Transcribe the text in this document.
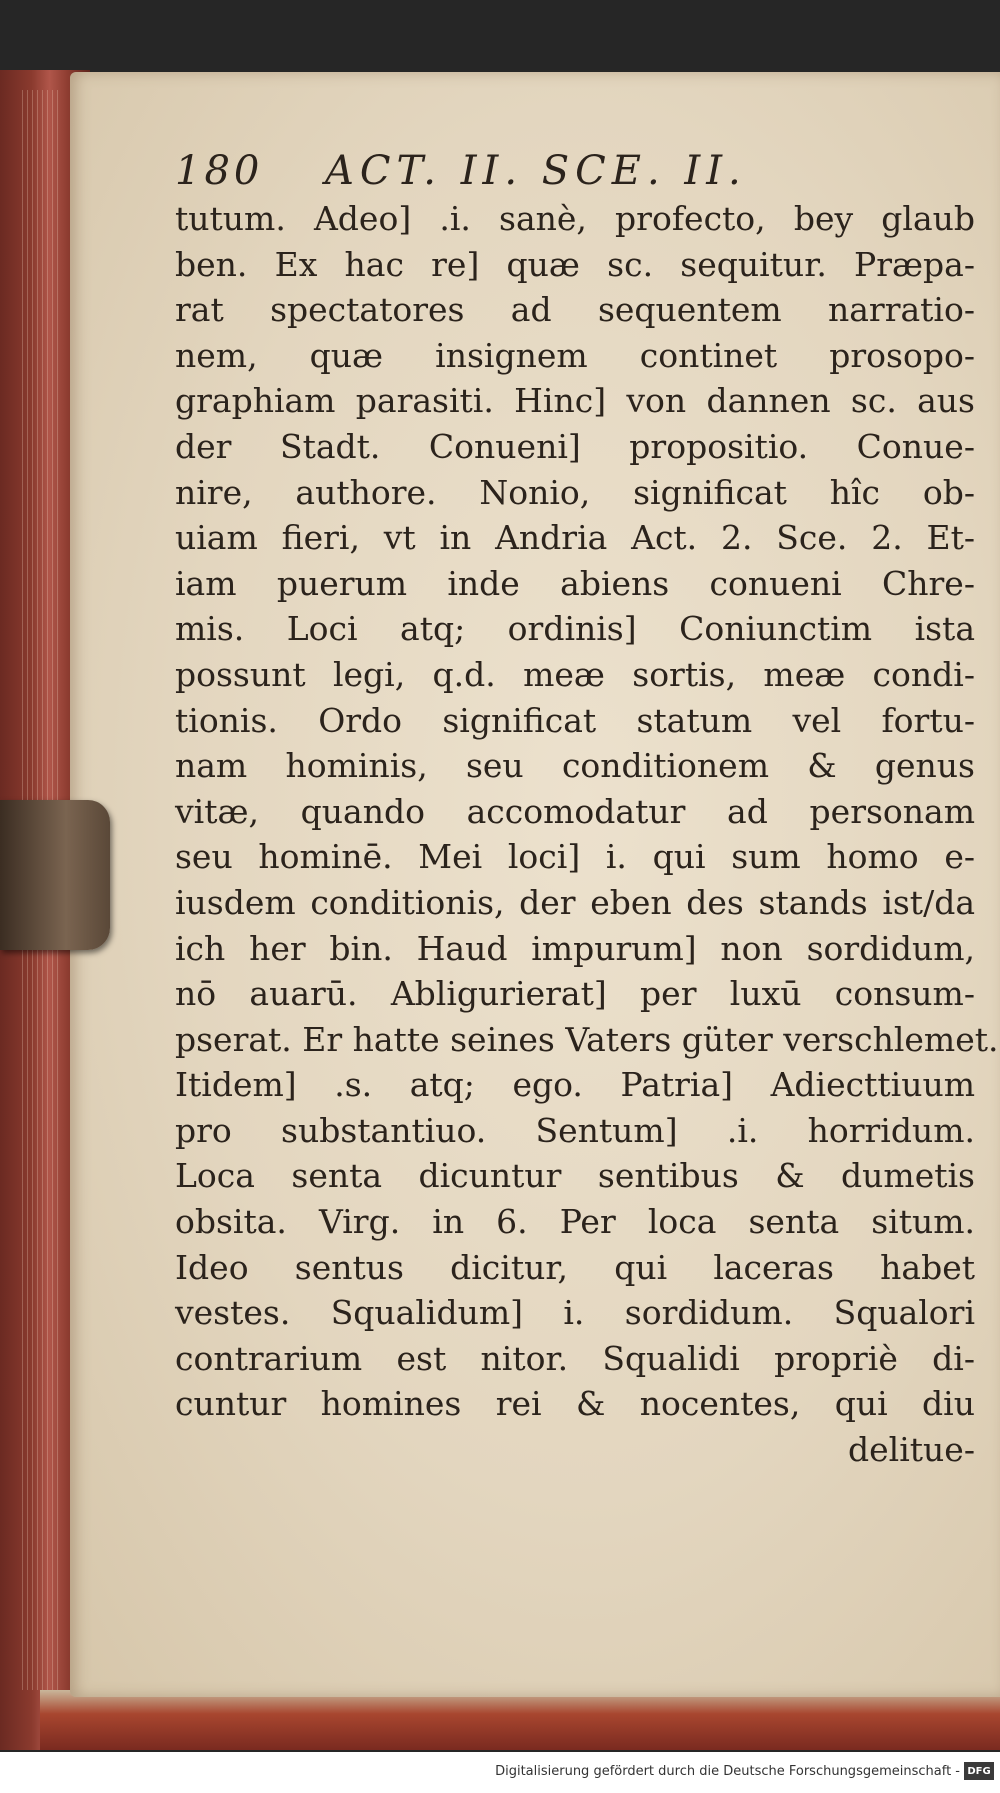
180	ACT. II. SCE. II.
tutum. Adeo] .i. sanè, profecto, bey glaub
ben. Ex hac re] quæ sc. sequitur. Præpa-
rat spectatores ad sequentem narratio-
nem, quæ insignem continet prosopo-
graphiam parasiti. Hinc] von dannen sc. aus
der Stadt. Conueni] propositio. Conue-
nire, authore. Nonio, significat hîc ob-
uiam fieri, vt in Andria Act. 2. Sce. 2. Et-
iam puerum inde abiens conueni Chre-
mis. Loci atq; ordinis] Coniunctim ista
possunt legi, q.d. meæ sortis, meæ condi-
tionis. Ordo significat statum vel fortu-
nam hominis, seu conditionem & genus
vitæ, quando accomodatur ad personam
seu hominē. Mei loci] i. qui sum homo e-
iusdem conditionis, der eben des stands ist/da
ich her bin. Haud impurum] non sordidum,
nō auarū. Abligurierat] per luxū consum-
pserat. Er hatte seines Vaters güter verschlemet.
Itidem] .s. atq; ego. Patria] Adiecttiuum
pro substantiuo. Sentum] .i. horridum.
Loca senta dicuntur sentibus & dumetis
obsita. Virg. in 6. Per loca senta situm.
Ideo sentus dicitur, qui laceras habet
vestes. Squalidum] i. sordidum. Squalori
contrarium est nitor. Squalidi propriè di-
cuntur homines rei & nocentes, qui diu
delitue-
Digitalisierung gefördert durch die Deutsche Forschungsgemeinschaft - DFG
